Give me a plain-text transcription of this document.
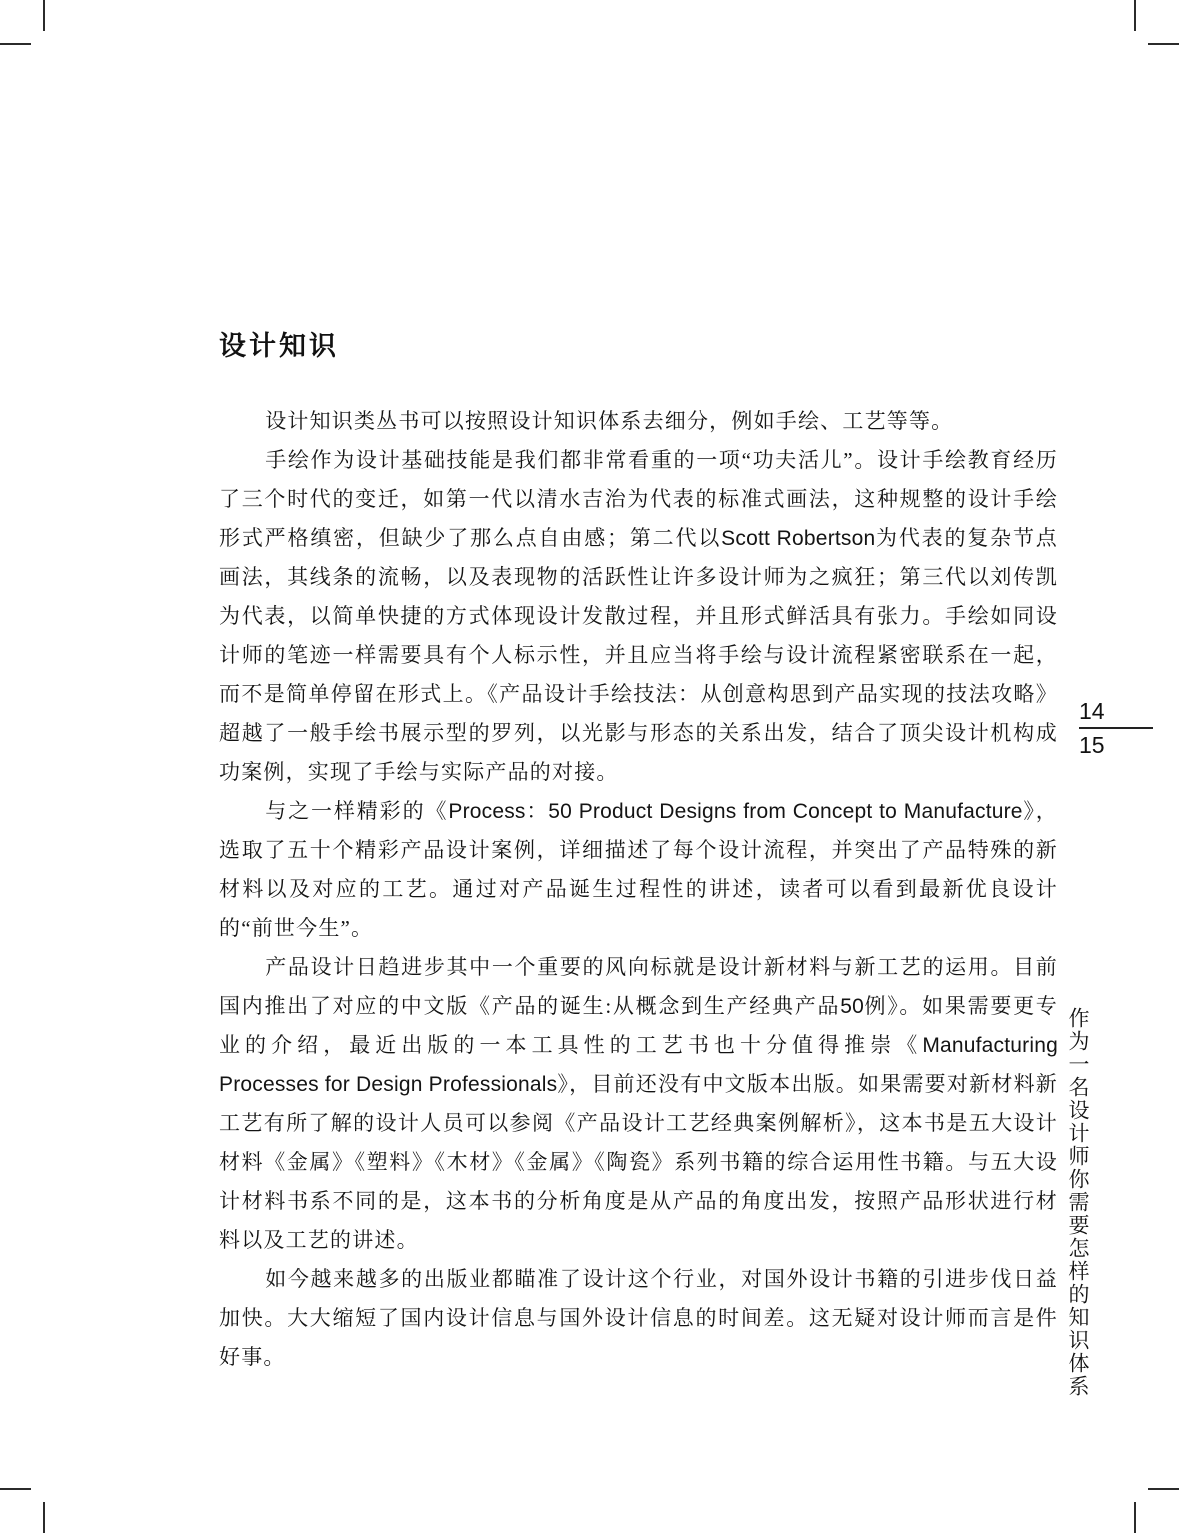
设计知识

设计知识类丛书可以按照设计知识体系去细分，例如手绘、工艺等等。

手绘作为设计基础技能是我们都非常看重的一项“功夫活儿”。设计手绘教育经历了三个时代的变迁，如第一代以清水吉治为代表的标准式画法，这种规整的设计手绘形式严格缜密，但缺少了那么点自由感；第二代以Scott Robertson为代表的复杂节点画法，其线条的流畅，以及表现物的活跃性让许多设计师为之疯狂；第三代以刘传凯为代表，以简单快捷的方式体现设计发散过程，并且形式鲜活具有张力。手绘如同设计师的笔迹一样需要具有个人标示性，并且应当将手绘与设计流程紧密联系在一起，而不是简单停留在形式上。《产品设计手绘技法：从创意构思到产品实现的技法攻略》超越了一般手绘书展示型的罗列，以光影与形态的关系出发，结合了顶尖设计机构成功案例，实现了手绘与实际产品的对接。

与之一样精彩的《Process：50 Product Designs from Concept to Manufacture》，选取了五十个精彩产品设计案例，详细描述了每个设计流程，并突出了产品特殊的新材料以及对应的工艺。通过对产品诞生过程性的讲述，读者可以看到最新优良设计的“前世今生”。

产品设计日趋进步其中一个重要的风向标就是设计新材料与新工艺的运用。目前国内推出了对应的中文版《产品的诞生:从概念到生产经典产品50例》。如果需要更专业的介绍，最近出版的一本工具性的工艺书也十分值得推崇《Manufacturing Processes for Design Professionals》，目前还没有中文版本出版。如果需要对新材料新工艺有所了解的设计人员可以参阅《产品设计工艺经典案例解析》，这本书是五大设计材料《金属》《塑料》《木材》《金属》《陶瓷》系列书籍的综合运用性书籍。与五大设计材料书系不同的是，这本书的分析角度是从产品的角度出发，按照产品形状进行材料以及工艺的讲述。

如今越来越多的出版业都瞄准了设计这个行业，对国外设计书籍的引进步伐日益加快。大大缩短了国内设计信息与国外设计信息的时间差。这无疑对设计师而言是件好事。

14
15
作为一名设计师你需要怎样的知识体系
